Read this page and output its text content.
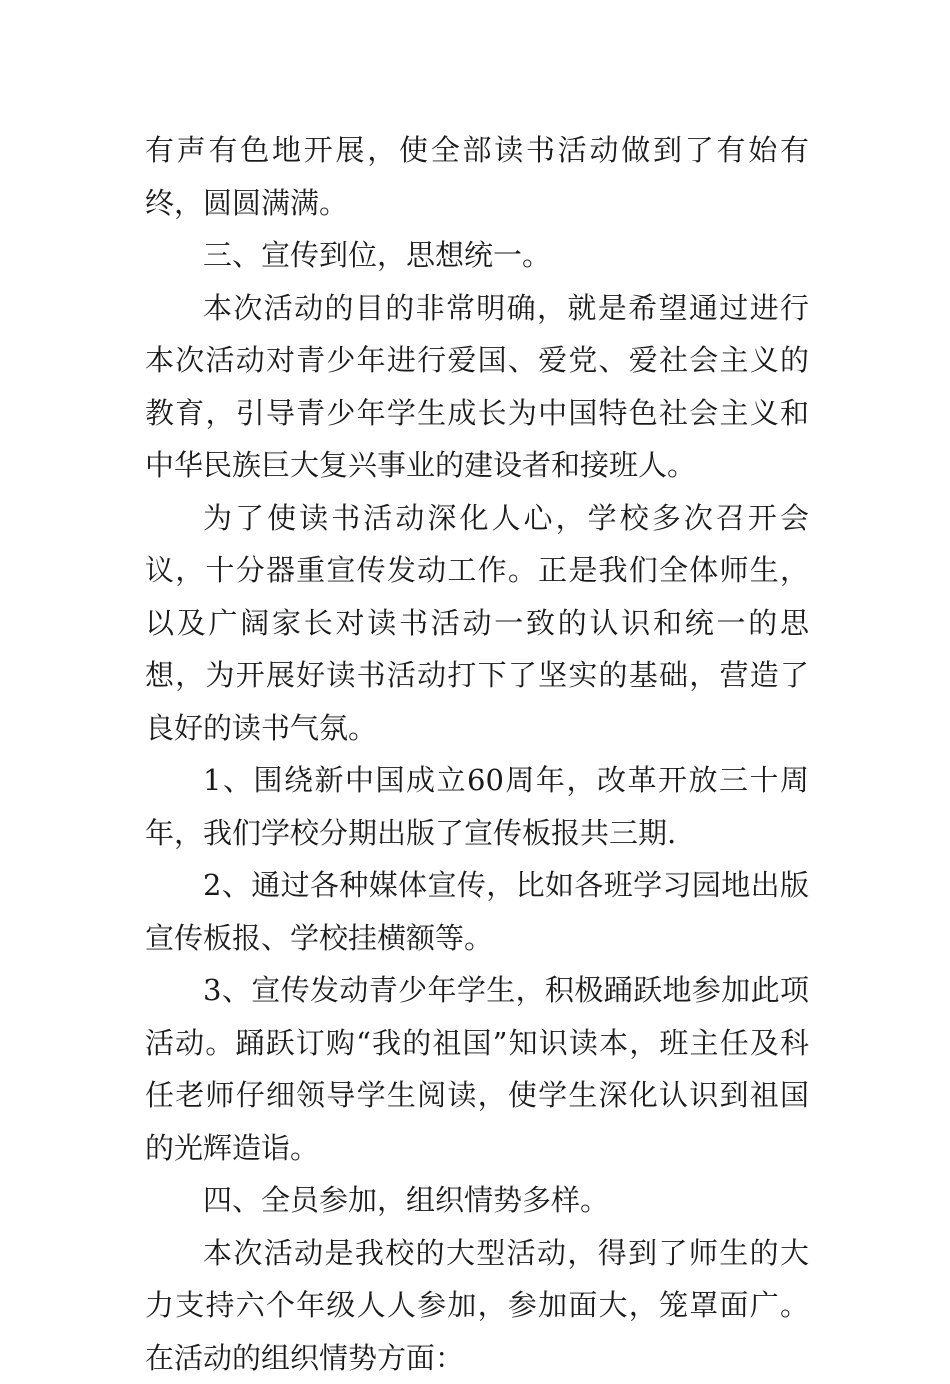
有声有色地开展，使全部读书活动做到了有始有终，圆圆满满。

三、宣传到位，思想统一。

本次活动的目的非常明确，就是希望通过进行本次活动对青少年进行爱国、爱党、爱社会主义的教育，引导青少年学生成长为中国特色社会主义和中华民族巨大复兴事业的建设者和接班人。

为了使读书活动深化人心，学校多次召开会议，十分器重宣传发动工作。正是我们全体师生，以及广阔家长对读书活动一致的认识和统一的思想，为开展好读书活动打下了坚实的基础，营造了良好的读书气氛。

1、围绕新中国成立60周年，改革开放三十周年，我们学校分期出版了宣传板报共三期.

2、通过各种媒体宣传，比如各班学习园地出版宣传板报、学校挂横额等。

3、宣传发动青少年学生，积极踊跃地参加此项活动。踊跃订购“我的祖国”知识读本，班主任及科任老师仔细领导学生阅读，使学生深化认识到祖国的光辉造诣。

四、全员参加，组织情势多样。

本次活动是我校的大型活动，得到了师生的大力支持六个年级人人参加，参加面大，笼罩面广。在活动的组织情势方面：
